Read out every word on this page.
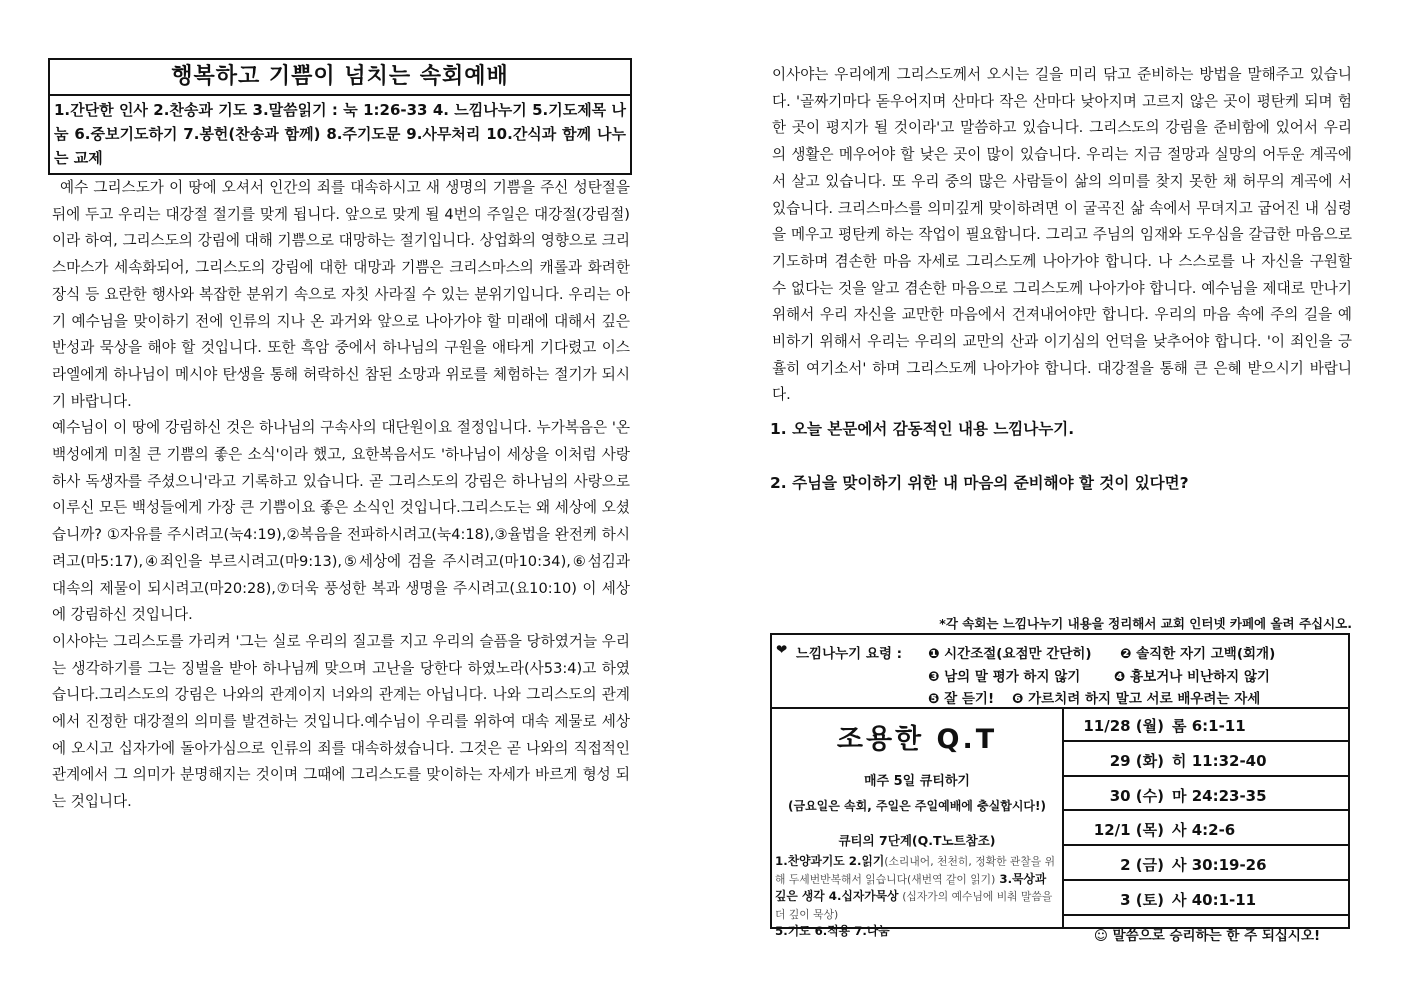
행복하고 기쁨이 넘치는 속회예배
1.간단한 인사 2.찬송과 기도 3.말씀읽기 : 눅 1:26-33 4. 느낌나누기 5.기도제목 나눔 6.중보기도하기 7.봉헌(찬송과 함께) 8.주기도문 9.사무처리 10.간식과 함께 나누는 교제

예수 그리스도가 이 땅에 오셔서 인간의 죄를 대속하시고 새 생명의 기쁨을 주신 성탄절을 뒤에 두고 우리는 대강절 절기를 맞게 됩니다. 앞으로 맞게 될 4번의 주일은 대강절(강림절)이라 하여, 그리스도의 강림에 대해 기쁨으로 대망하는 절기입니다. 상업화의 영향으로 크리스마스가 세속화되어, 그리스도의 강림에 대한 대망과 기쁨은 크리스마스의 캐롤과 화려한 장식 등 요란한 행사와 복잡한 분위기 속으로 자칫 사라질 수 있는 분위기입니다. 우리는 아기 예수님을 맞이하기 전에 인류의 지나 온 과거와 앞으로 나아가야 할 미래에 대해서 깊은 반성과 묵상을 해야 할 것입니다. 또한 흑암 중에서 하나님의 구원을 애타게 기다렸고 이스라엘에게 하나님이 메시야 탄생을 통해 허락하신 참된 소망과 위로를 체험하는 절기가 되시기 바랍니다.

예수님이 이 땅에 강림하신 것은 하나님의 구속사의 대단원이요 절정입니다. 누가복음은 '온 백성에게 미칠 큰 기쁨의 좋은 소식'이라 했고, 요한복음서도 '하나님이 세상을 이처럼 사랑하사 독생자를 주셨으니'라고 기록하고 있습니다. 곧 그리스도의 강림은 하나님의 사랑으로 이루신 모든 백성들에게 가장 큰 기쁨이요 좋은 소식인 것입니다.그리스도는 왜 세상에 오셨습니까? ①자유를 주시려고(눅4:19),②복음을 전파하시려고(눅4:18),③율법을 완전케 하시려고(마5:17),④죄인을 부르시려고(마9:13),⑤세상에 검을 주시려고(마10:34),⑥섬김과 대속의 제물이 되시려고(마20:28),⑦더욱 풍성한 복과 생명을 주시려고(요10:10) 이 세상에 강림하신 것입니다.

이사야는 그리스도를 가리켜 '그는 실로 우리의 질고를 지고 우리의 슬픔을 당하였거늘 우리는 생각하기를 그는 징벌을 받아 하나님께 맞으며 고난을 당한다 하였노라(사53:4)고 하였습니다.그리스도의 강림은 나와의 관계이지 너와의 관계는 아닙니다. 나와 그리스도의 관계에서 진정한 대강절의 의미를 발견하는 것입니다.예수님이 우리를 위하여 대속 제물로 세상에 오시고 십자가에 돌아가심으로 인류의 죄를 대속하셨습니다. 그것은 곧 나와의 직접적인 관계에서 그 의미가 분명해지는 것이며 그때에 그리스도를 맞이하는 자세가 바르게 형성 되는 것입니다.

이사야는 우리에게 그리스도께서 오시는 길을 미리 닦고 준비하는 방법을 말해주고 있습니다. '골짜기마다 돋우어지며 산마다 작은 산마다 낮아지며 고르지 않은 곳이 평탄케 되며 험한 곳이 평지가 될 것이라'고 말씀하고 있습니다. 그리스도의 강림을 준비함에 있어서 우리의 생활은 메우어야 할 낮은 곳이 많이 있습니다. 우리는 지금 절망과 실망의 어두운 계곡에서 살고 있습니다. 또 우리 중의 많은 사람들이 삶의 의미를 찾지 못한 채 허무의 계곡에 서 있습니다. 크리스마스를 의미깊게 맞이하려면 이 굴곡진 삶 속에서 무뎌지고 굽어진 내 심령을 메우고 평탄케 하는 작업이 필요합니다. 그리고 주님의 임재와 도우심을 갈급한 마음으로 기도하며 겸손한 마음 자세로 그리스도께 나아가야 합니다. 나 스스로를 나 자신을 구원할 수 없다는 것을 알고 겸손한 마음으로 그리스도께 나아가야 합니다. 예수님을 제대로 만나기 위해서 우리 자신을 교만한 마음에서 건져내어야만 합니다. 우리의 마음 속에 주의 길을 예비하기 위해서 우리는 우리의 교만의 산과 이기심의 언덕을 낮추어야 합니다. '이 죄인을 긍휼히 여기소서' 하며 그리스도께 나아가야 합니다. 대강절을 통해 큰 은혜 받으시기 바랍니다.
1. 오늘 본문에서 감동적인 내용 느낌나누기.
2. 주님을 맞이하기 위한 내 마음의 준비해야 할 것이 있다면?
*각 속회는 느낌나누기 내용을 정리해서 교회 인터넷 카페에 올려 주십시오.
❤ 느낌나누기 요령 : ❶ 시간조절(요점만 간단히) ❷ 솔직한 자기 고백(회개)
❸ 남의 말 평가 하지 않기 ❹ 흉보거나 비난하지 않기
❺ 잘 듣기! ❻ 가르치려 하지 말고 서로 배우려는 자세
조용한 Q.T
매주 5일 큐티하기
(금요일은 속회, 주일은 주일예배에 충실합시다!)
큐티의 7단계(Q.T노트참조)
1.찬양과기도 2.읽기(소리내어, 천천히, 정확한 관찰을 위해 두세번반복해서 읽습니다(새번역 같이 읽기) 3.묵상과 깊은 생각 4.십자가묵상 (십자가의 예수님에 비춰 말씀을 더 깊이 묵상)
5.기도 6.적용 7.나눔
11/28 (월) 롬 6:1-11
29 (화) 히 11:32-40
30 (수) 마 24:23-35
12/1 (목) 사 4:2-6
2 (금) 사 30:19-26
3 (토) 사 40:1-11
☺ 말씀으로 승리하는 한 주 되십시오!
